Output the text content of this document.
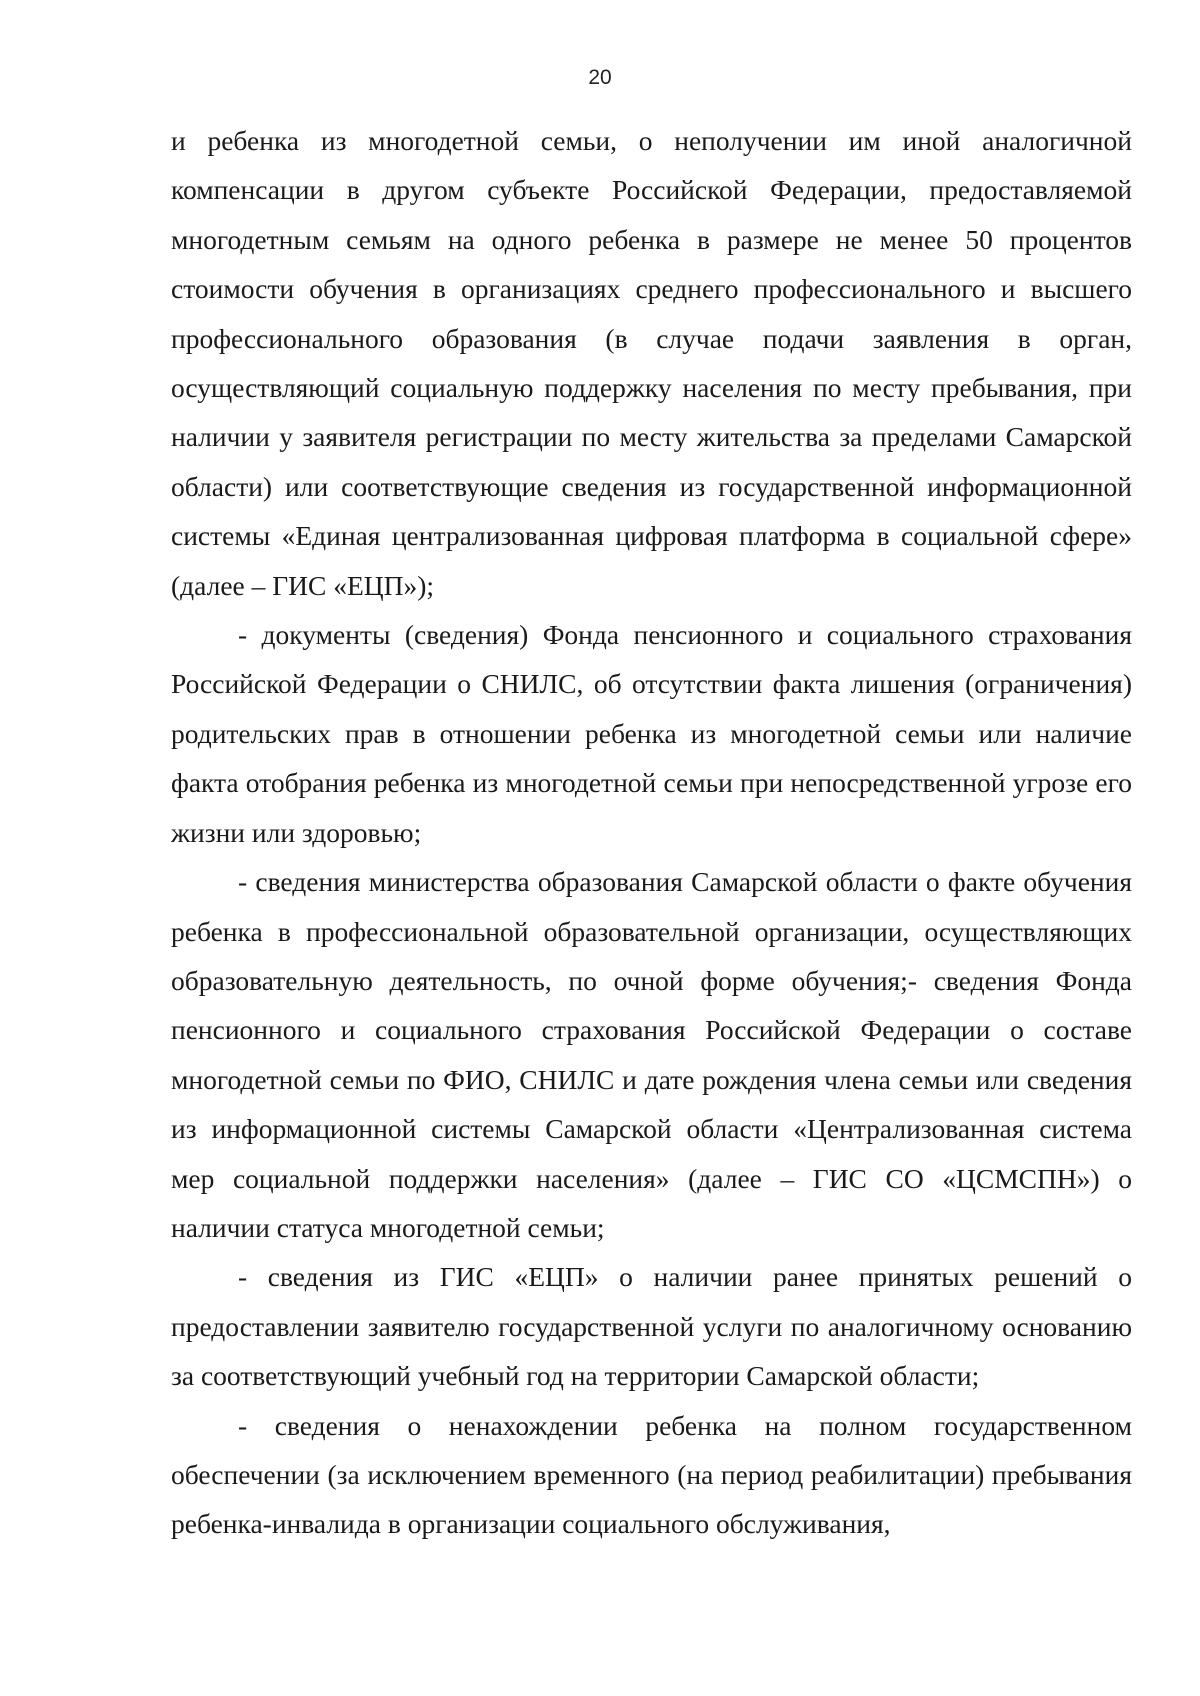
20

и ребенка из многодетной семьи, о неполучении им иной аналогичной компенсации в другом субъекте Российской Федерации, предоставляемой многодетным семьям на одного ребенка в размере не менее 50 процентов стоимости обучения в организациях среднего профессионального и высшего профессионального образования (в случае подачи заявления в орган, осуществляющий социальную поддержку населения по месту пребывания, при наличии у заявителя регистрации по месту жительства за пределами Самарской области) или соответствующие сведения из государственной информационной системы «Единая централизованная цифровая платформа в социальной сфере» (далее – ГИС «ЕЦП»);

- документы (сведения) Фонда пенсионного и социального страхования Российской Федерации о СНИЛС, об отсутствии факта лишения (ограничения) родительских прав в отношении ребенка из многодетной семьи или наличие факта отобрания ребенка из многодетной семьи при непосредственной угрозе его жизни или здоровью;

- сведения министерства образования Самарской области о факте обучения ребенка в профессиональной образовательной организации, осуществляющих образовательную деятельность, по очной форме обучения;- сведения Фонда пенсионного и социального страхования Российской Федерации о составе многодетной семьи по ФИО, СНИЛС и дате рождения члена семьи или сведения из информационной системы Самарской области «Централизованная система мер социальной поддержки населения» (далее – ГИС СО «ЦСМСПН») о наличии статуса многодетной семьи;

- сведения из ГИС «ЕЦП» о наличии ранее принятых решений о предоставлении заявителю государственной услуги по аналогичному основанию за соответствующий учебный год на территории Самарской области;

- сведения о ненахождении ребенка на полном государственном обеспечении (за исключением временного (на период реабилитации) пребывания ребенка-инвалида в организации социального обслуживания,
